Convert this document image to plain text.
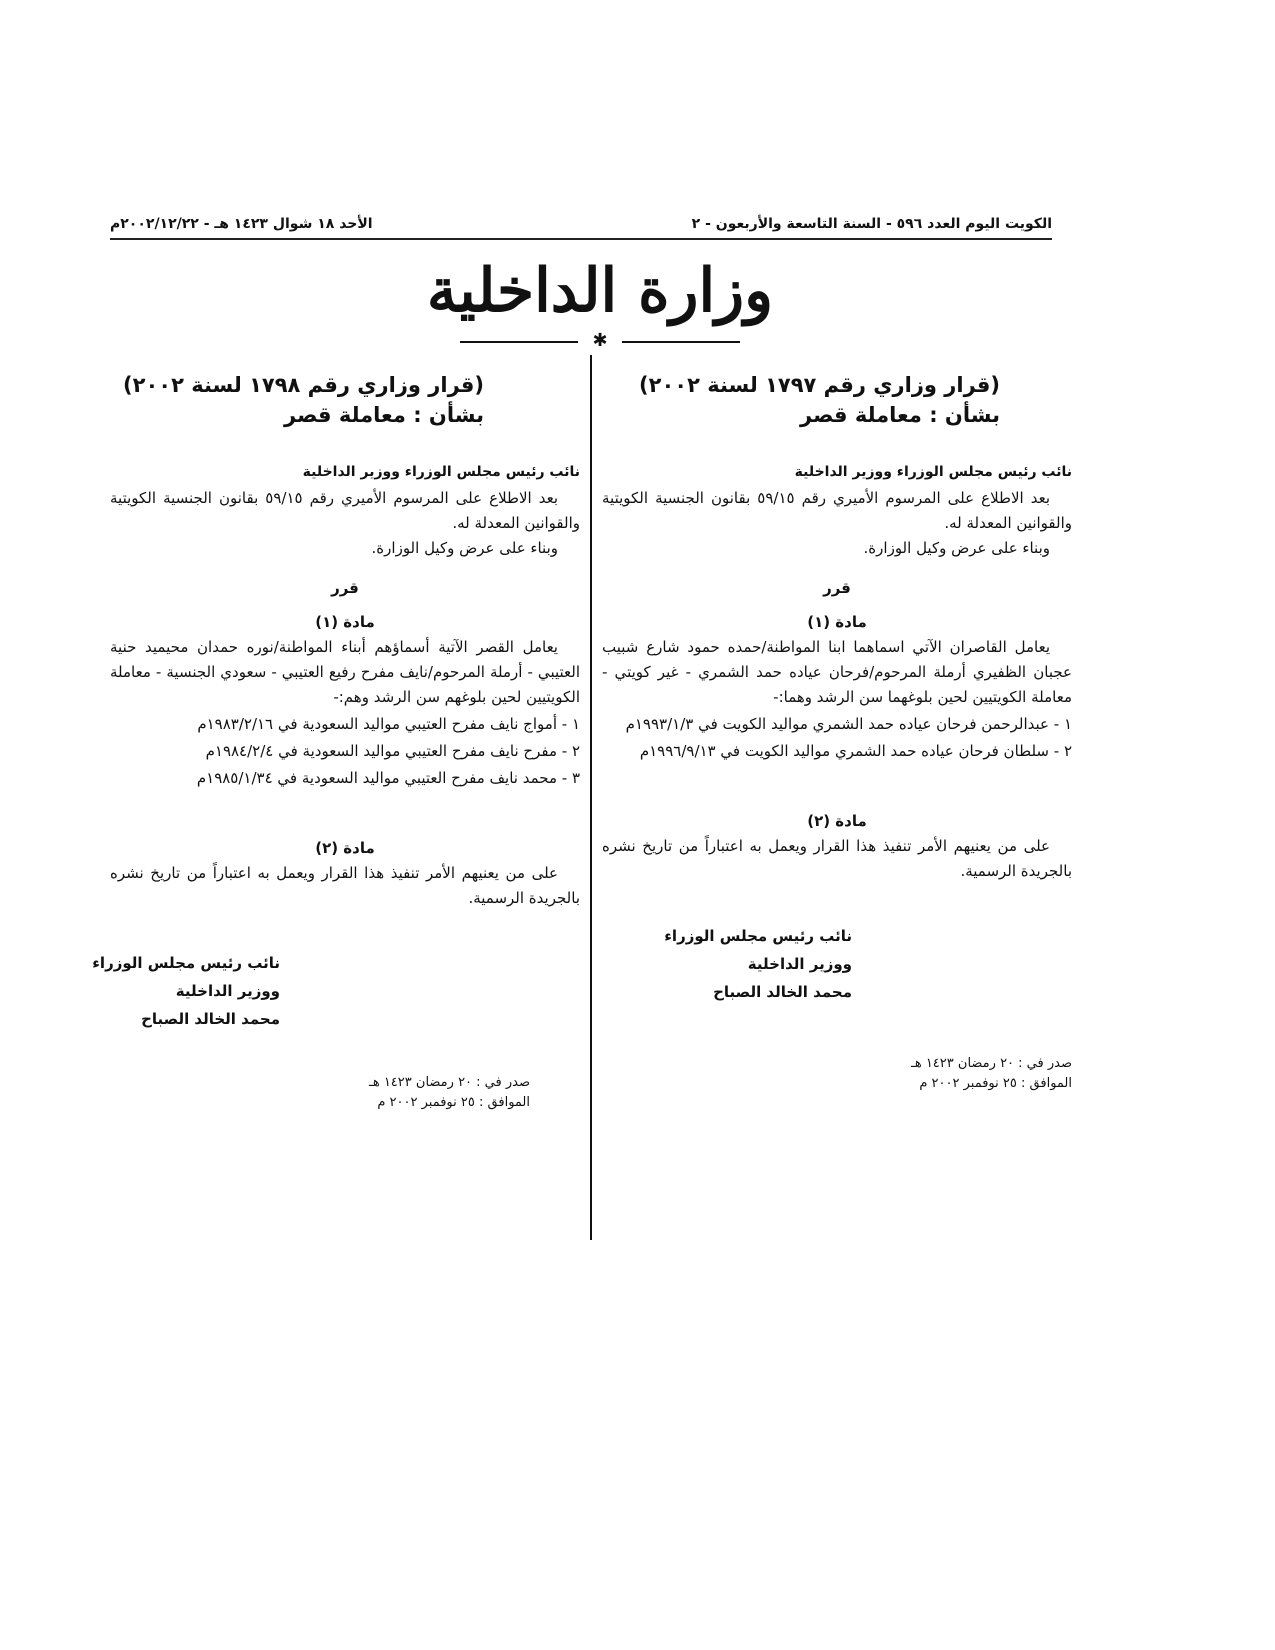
الكويت اليوم العدد ٥٩٦ - السنة التاسعة والأربعون - ٢
الأحد ١٨ شوال ١٤٢٣ هـ - ٢٠٠٢/١٢/٢٢م
وزارة الداخلية
✱
(قرار وزاري رقم ١٧٩٧ لسنة ٢٠٠٢)
بشأن : معاملة قصر
نائب رئيس مجلس الوزراء ووزير الداخلية
بعد الاطلاع على المرسوم الأميري رقم ٥٩/١٥ بقانون الجنسية الكويتية والقوانين المعدلة له.
وبناء على عرض وكيل الوزارة.
قرر
مادة (١)
يعامل القاصران الآتي اسماهما ابنا المواطنة/حمده حمود شارع شبيب عجبان الظفيري أرملة المرحوم/فرحان عياده حمد الشمري - غير كويتي - معاملة الكويتيين لحين بلوغهما سن الرشد وهما:-
١ - عبدالرحمن فرحان عياده حمد الشمري مواليد الكويت في ١٩٩٣/١/٣م
٢ - سلطان فرحان عياده حمد الشمري مواليد الكويت في ١٩٩٦/٩/١٣م
مادة (٢)
على من يعنيهم الأمر تنفيذ هذا القرار ويعمل به اعتباراً من تاريخ نشره بالجريدة الرسمية.
نائب رئيس مجلس الوزراء
ووزير الداخلية
محمد الخالد الصباح
صدر في : ٢٠ رمضان ١٤٢٣ هـ
الموافق : ٢٥ نوفمبر ٢٠٠٢ م
(قرار وزاري رقم ١٧٩٨ لسنة ٢٠٠٢)
بشأن : معاملة قصر
نائب رئيس مجلس الوزراء ووزير الداخلية
بعد الاطلاع على المرسوم الأميري رقم ٥٩/١٥ بقانون الجنسية الكويتية والقوانين المعدلة له.
وبناء على عرض وكيل الوزارة.
قرر
مادة (١)
يعامل القصر الآتية أسماؤهم أبناء المواطنة/نوره حمدان محيميد حنية العتيبي - أرملة المرحوم/نايف مفرح رفيع العتيبي - سعودي الجنسية - معاملة الكويتيين لحين بلوغهم سن الرشد وهم:-
١ - أمواج نايف مفرح العتيبي مواليد السعودية في ١٩٨٣/٢/١٦م
٢ - مفرح نايف مفرح العتيبي مواليد السعودية في ١٩٨٤/٢/٤م
٣ - محمد نايف مفرح العتيبي مواليد السعودية في ١٩٨٥/١/٣٤م
مادة (٢)
على من يعنيهم الأمر تنفيذ هذا القرار ويعمل به اعتباراً من تاريخ نشره بالجريدة الرسمية.
نائب رئيس مجلس الوزراء
ووزير الداخلية
محمد الخالد الصباح
صدر في : ٢٠ رمضان ١٤٢٣ هـ
الموافق : ٢٥ نوفمبر ٢٠٠٢ م
